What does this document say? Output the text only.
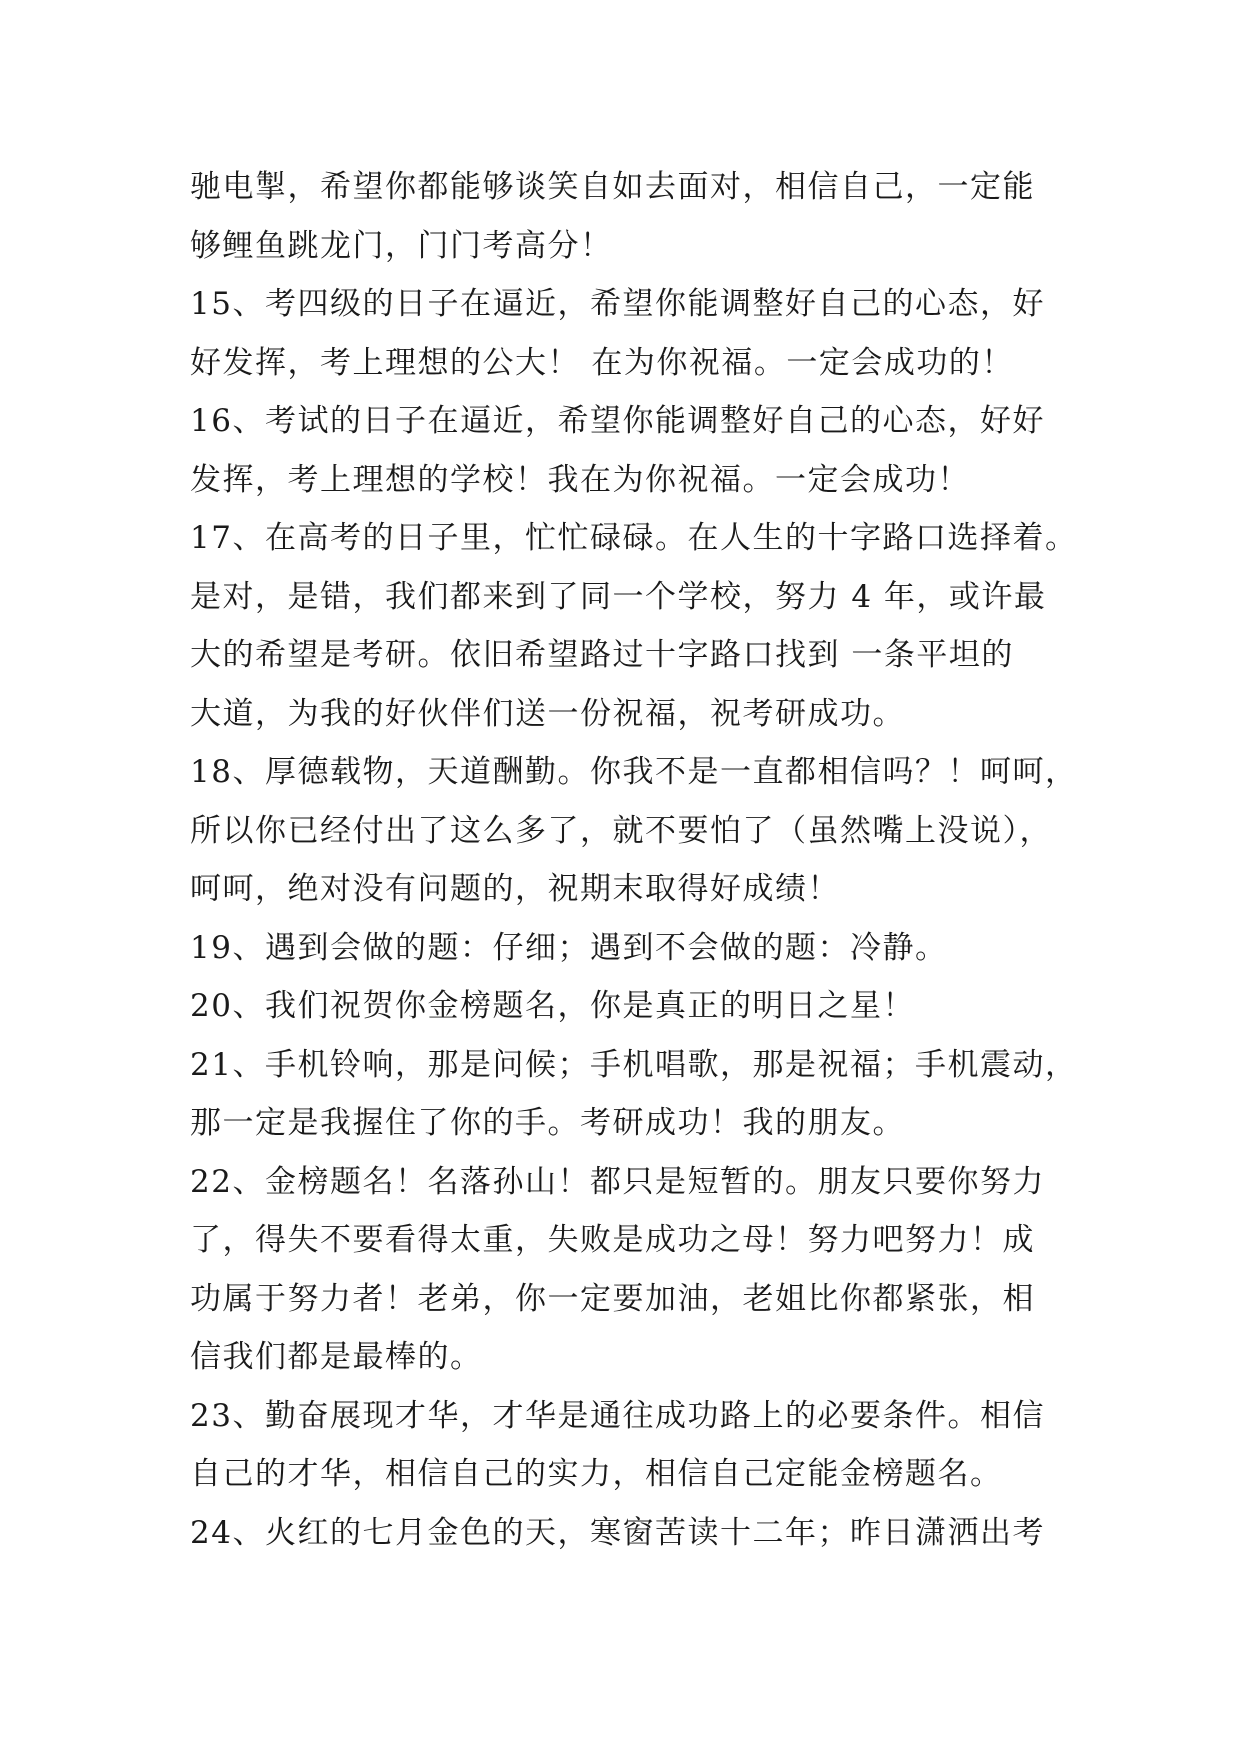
驰电掣，希望你都能够谈笑自如去面对，相信自己，一定能
够鲤鱼跳龙门，门门考高分！
15、考四级的日子在逼近，希望你能调整好自己的心态，好
好发挥，考上理想的公大！ 在为你祝福。一定会成功的！
16、考试的日子在逼近，希望你能调整好自己的心态，好好
发挥，考上理想的学校！我在为你祝福。一定会成功！
17、在高考的日子里，忙忙碌碌。在人生的十字路口选择着。
是对，是错，我们都来到了同一个学校，努力 4 年，或许最
大的希望是考研。依旧希望路过十字路口找到 一条平坦的
大道，为我的好伙伴们送一份祝福，祝考研成功。
18、厚德载物，天道酬勤。你我不是一直都相信吗？！呵呵，
所以你已经付出了这么多了，就不要怕了（虽然嘴上没说），
呵呵，绝对没有问题的，祝期末取得好成绩！
19、遇到会做的题：仔细；遇到不会做的题：冷静。
20、我们祝贺你金榜题名，你是真正的明日之星！
21、手机铃响，那是问候；手机唱歌，那是祝福；手机震动，
那一定是我握住了你的手。考研成功！我的朋友。
22、金榜题名！名落孙山！都只是短暂的。朋友只要你努力
了，得失不要看得太重，失败是成功之母！努力吧努力！成
功属于努力者！老弟，你一定要加油，老姐比你都紧张，相
信我们都是最棒的。
23、勤奋展现才华，才华是通往成功路上的必要条件。相信
自己的才华，相信自己的实力，相信自己定能金榜题名。
24、火红的七月金色的天，寒窗苦读十二年；昨日潇洒出考
